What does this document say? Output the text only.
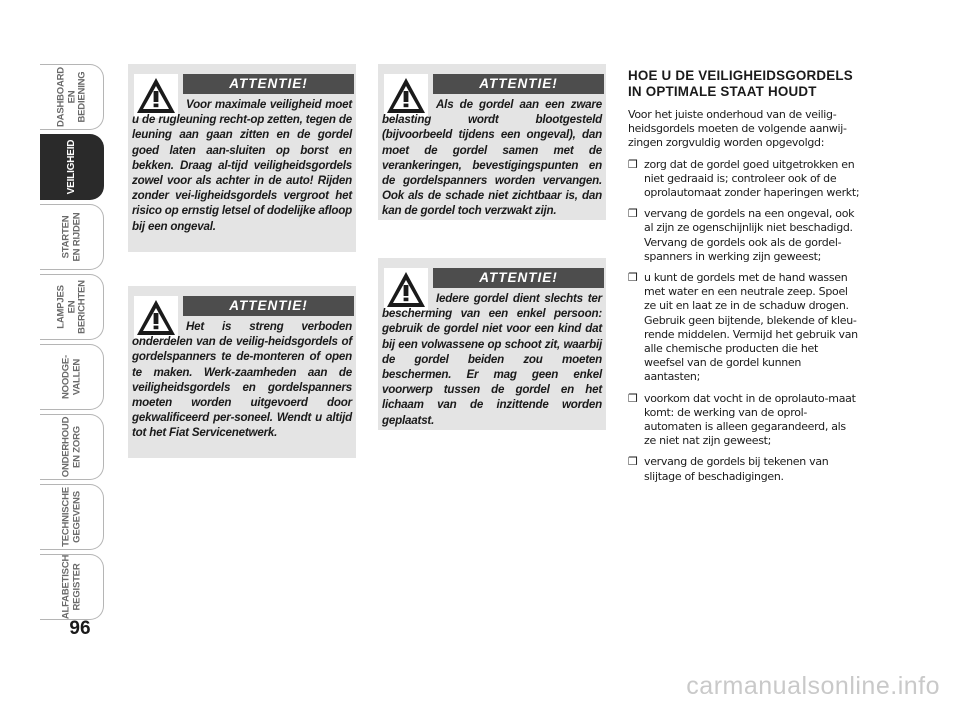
DASHBOARD
EN BEDIENING
VEILIGHEID
STARTEN
EN RIJDEN
LAMPJES
EN BERICHTEN
NOODGE-
VALLEN
ONDERHOUD
EN ZORG
TECHNISCHE
GEGEVENS
ALFABETISCH
REGISTER
96
ATTENTIE!
Voor maximale veiligheid moet u de rugleuning recht-op zetten, tegen de leuning aan gaan zitten en de gordel goed laten aan-sluiten op borst en bekken. Draag al-tijd veiligheidsgordels zowel voor als achter in de auto! Rijden zonder vei-ligheidsgordels vergroot het risico op ernstig letsel of dodelijke afloop bij een ongeval.
ATTENTIE!
Het is streng verboden onderdelen van de veilig-heidsgordels of gordelspanners te de-monteren of open te maken. Werk-zaamheden aan de veiligheidsgordels en gordelspanners moeten worden uitgevoerd door gekwalificeerd per-soneel. Wendt u altijd tot het Fiat Servicenetwerk.
ATTENTIE!
Als de gordel aan een zware belasting wordt blootgesteld (bijvoorbeeld tijdens een ongeval), dan moet de gordel samen met de verankeringen, bevestigingspunten en de gordelspanners worden vervangen. Ook als de schade niet zichtbaar is, dan kan de gordel toch verzwakt zijn.
ATTENTIE!
Iedere gordel dient slechts ter bescherming van een enkel persoon: gebruik de gordel niet voor een kind dat bij een volwassene op schoot zit, waarbij de gordel beiden zou moeten beschermen. Er mag geen enkel voorwerp tussen de gordel en het lichaam van de inzittende worden geplaatst.
HOE U DE VEILIGHEIDSGORDELS IN OPTIMALE STAAT HOUDT
Voor het juiste onderhoud van de veilig-heidsgordels moeten de volgende aanwij-zingen zorgvuldig worden opgevolgd:
❒ zorg dat de gordel goed uitgetrokken en niet gedraaid is; controleer ook of de oprolautomaat zonder haperingen werkt;
❒ vervang de gordels na een ongeval, ook al zijn ze ogenschijnlijk niet beschadigd. Vervang de gordels ook als de gordel-spanners in werking zijn geweest;
❒ u kunt de gordels met de hand wassen met water en een neutrale zeep. Spoel ze uit en laat ze in de schaduw drogen. Gebruik geen bijtende, blekende of kleu-rende middelen. Vermijd het gebruik van alle chemische producten die het weefsel van de gordel kunnen aantasten;
❒ voorkom dat vocht in de oprolauto-maat komt: de werking van de oprol-automaten is alleen gegarandeerd, als ze niet nat zijn geweest;
❒ vervang de gordels bij tekenen van slijtage of beschadigingen.
carmanualsonline.info
